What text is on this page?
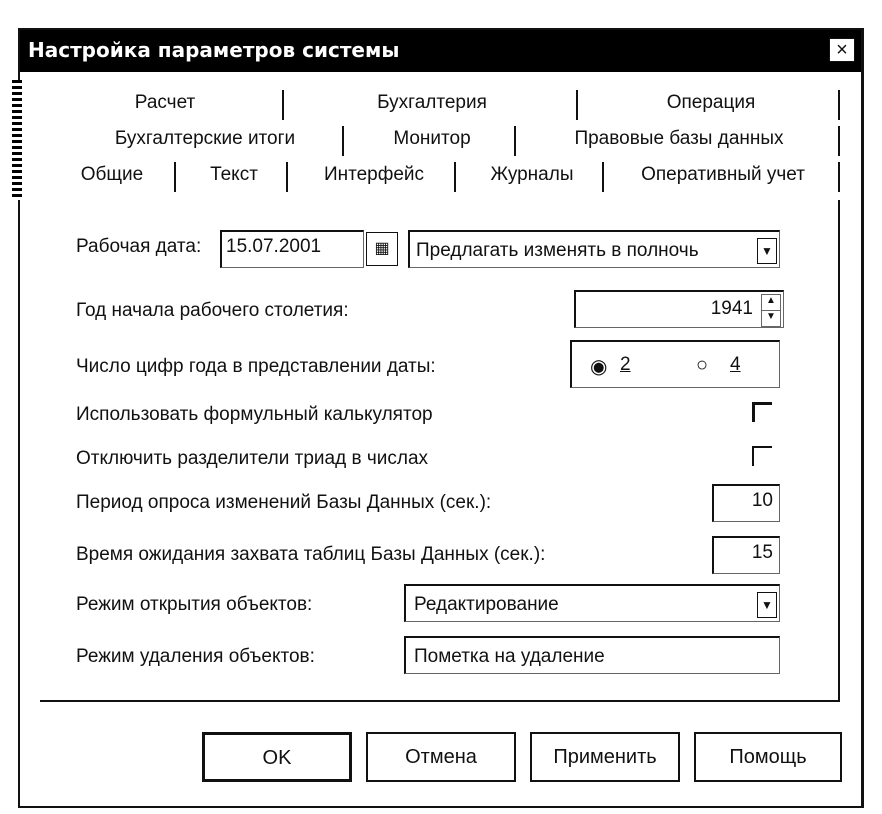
Настройка параметров системы	×
Расчет	Бухгалтерия	Операция
Бухгалтерские итоги	Монитор	Правовые базы данных
Общие	Текст	Интерфейс	Журналы	Оперативный учет
Рабочая дата:	15.07.2001	▦	Предлагать изменять в полночь	▼
Год начала рабочего столетия:	1941	▲
▼
Число цифр года в представлении даты:	◉ 2	○ 4
Использовать формульный калькулятор
Отключить разделители триад в числах
Период опроса изменений Базы Данных (сек.):	10
Время ожидания захвата таблиц Базы Данных (сек.):	15
Режим открытия объектов:	Редактирование	▼
Режим удаления объектов:	Пометка на удаление
OK	Отмена	Применить	Помощь
